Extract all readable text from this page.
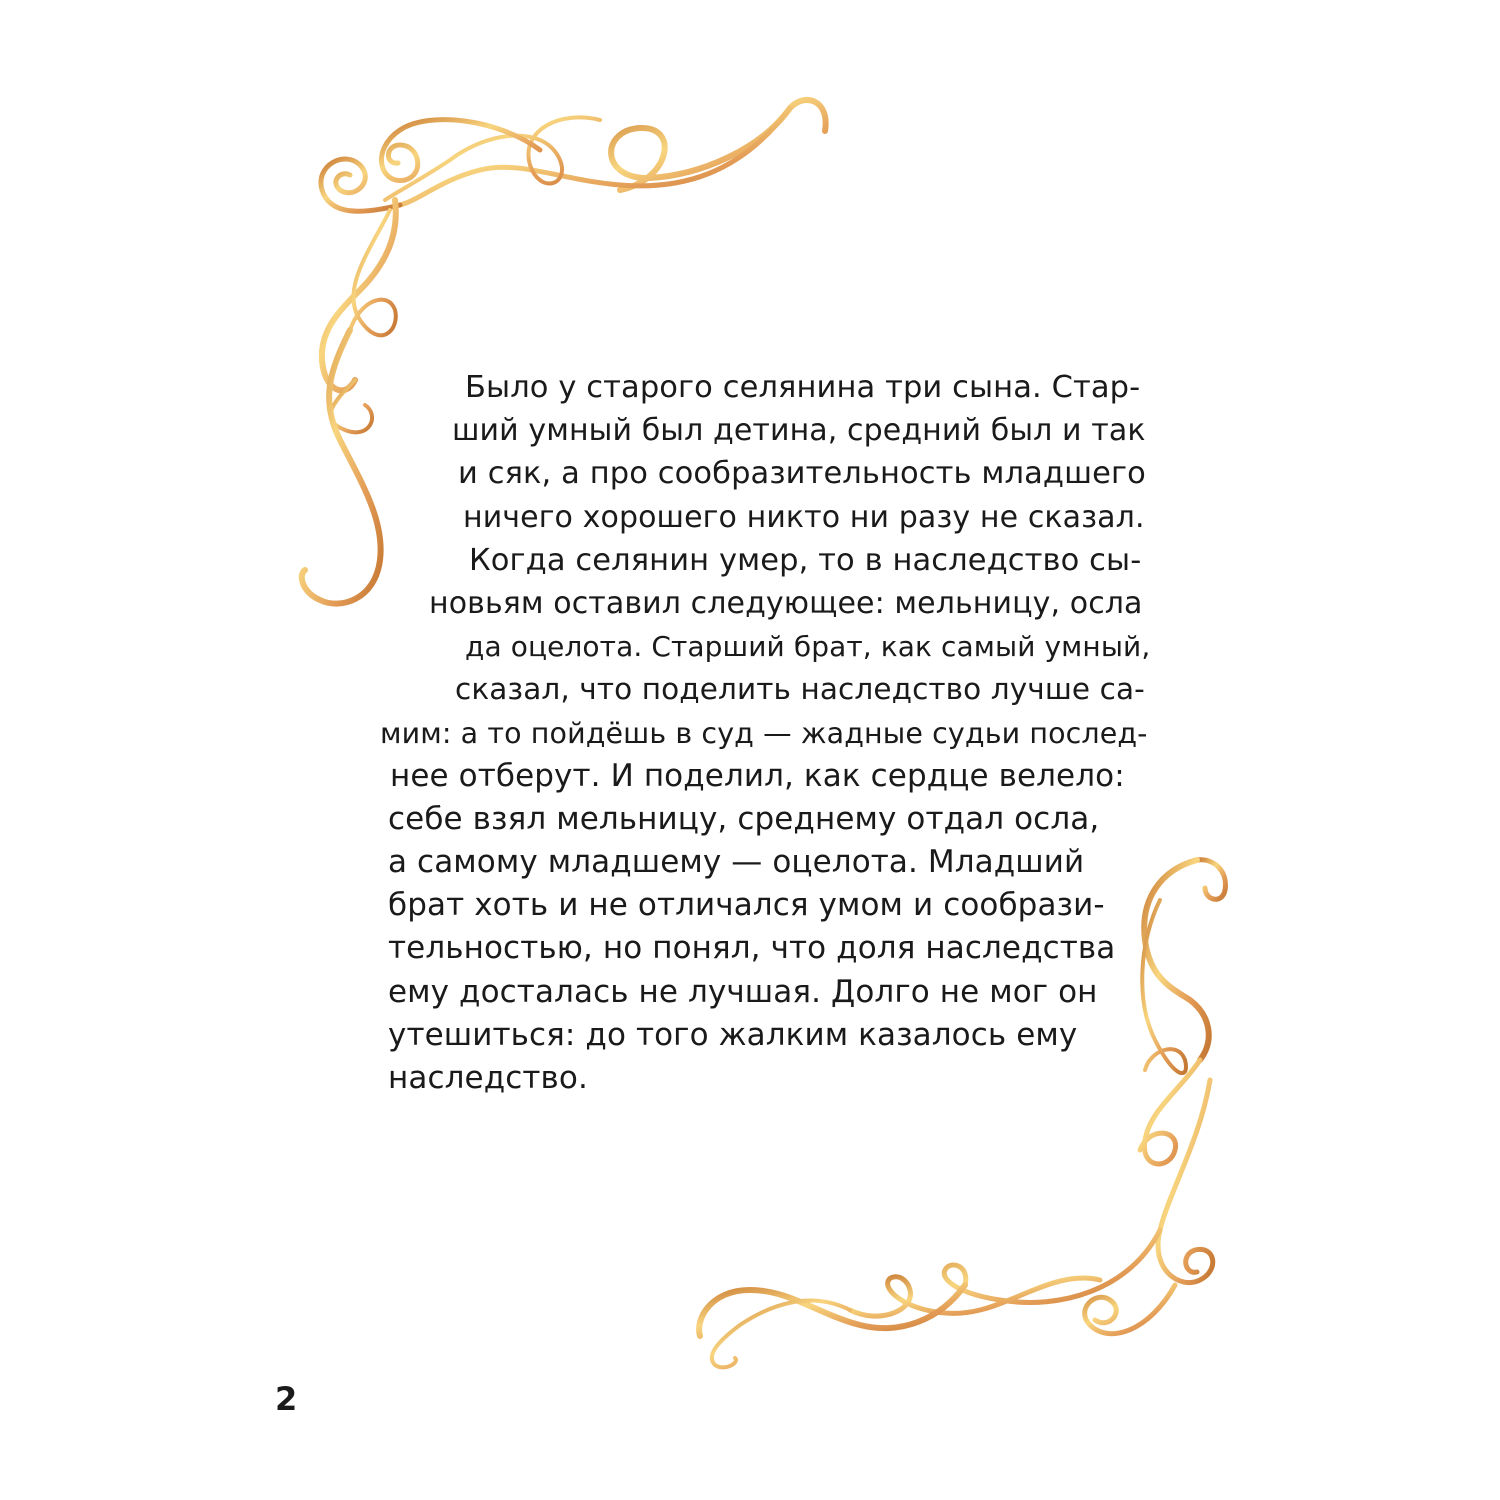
Было у старого селянина три сына. Стар-
ший умный был детина, средний был и так
и сяк, а про сообразительность младшего
ничего хорошего никто ни разу не сказал.
Когда селянин умер, то в наследство сы-
новьям оставил следующее: мельницу, осла
да оцелота. Старший брат, как самый умный,
сказал, что поделить наследство лучше са-
мим: а то пойдёшь в суд — жадные судьи послед-
нее отберут. И поделил, как сердце велело:
себе взял мельницу, среднему отдал осла,
а самому младшему — оцелота. Младший
брат хоть и не отличался умом и сообрази-
тельностью, но понял, что доля наследства
ему досталась не лучшая. Долго не мог он
утешиться: до того жалким казалось ему
наследство.
2
